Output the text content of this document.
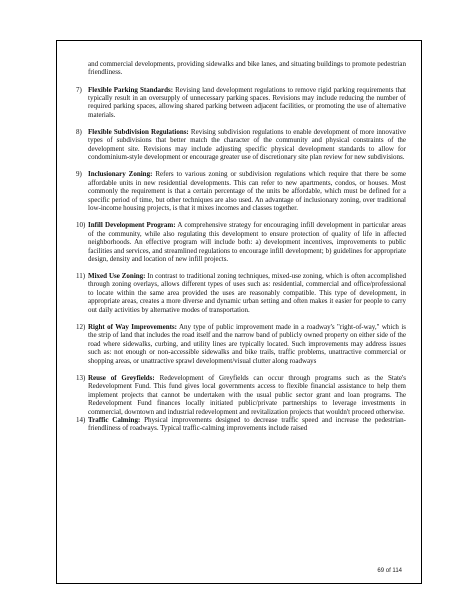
and commercial developments, providing sidewalks and bike lanes, and situating buildings to promote pedestrian friendliness.

7) Flexible Parking Standards: Revising land development regulations to remove rigid parking requirements that typically result in an oversupply of unnecessary parking spaces. Revisions may include reducing the number of required parking spaces, allowing shared parking between adjacent facilities, or promoting the use of alternative materials.
8) Flexible Subdivision Regulations: Revising subdivision regulations to enable development of more innovative types of subdivisions that better match the character of the community and physical constraints of the development site. Revisions may include adjusting specific physical development standards to allow for condominium-style development or encourage greater use of discretionary site plan review for new subdivisions.
9) Inclusionary Zoning: Refers to various zoning or subdivision regulations which require that there be some affordable units in new residential developments. This can refer to new apartments, condos, or houses. Most commonly the requirement is that a certain percentage of the units be affordable, which must be defined for a specific period of time, but other techniques are also used. An advantage of inclusionary zoning, over traditional low-income housing projects, is that it mixes incomes and classes together.
10) Infill Development Program: A comprehensive strategy for encouraging infill development in particular areas of the community, while also regulating this development to ensure protection of quality of life in affected neighborhoods. An effective program will include both: a) development incentives, improvements to public facilities and services, and streamlined regulations to encourage infill development; b) guidelines for appropriate design, density and location of new infill projects.
11) Mixed Use Zoning: In contrast to traditional zoning techniques, mixed-use zoning, which is often accomplished through zoning overlays, allows different types of uses such as: residential, commercial and office/professional to locate within the same area provided the uses are reasonably compatible. This type of development, in appropriate areas, creates a more diverse and dynamic urban setting and often makes it easier for people to carry out daily activities by alternative modes of transportation.
12) Right of Way Improvements: Any type of public improvement made in a roadway's "right-of-way," which is the strip of land that includes the road itself and the narrow band of publicly owned property on either side of the road where sidewalks, curbing, and utility lines are typically located. Such improvements may address issues such as: not enough or non-accessible sidewalks and bike trails, traffic problems, unattractive commercial or shopping areas, or unattractive sprawl development/visual clutter along roadways
13) Reuse of Greyfields: Redevelopment of Greyfields can occur through programs such as the State's Redevelopment Fund. This fund gives local governments access to flexible financial assistance to help them implement projects that cannot be undertaken with the usual public sector grant and loan programs. The Redevelopment Fund finances locally initiated public/private partnerships to leverage investments in commercial, downtown and industrial redevelopment and revitalization projects that wouldn't proceed otherwise.
14) Traffic Calming: Physical improvements designed to decrease traffic speed and increase the pedestrian-friendliness of roadways. Typical traffic-calming improvements include raised
69 of 114
